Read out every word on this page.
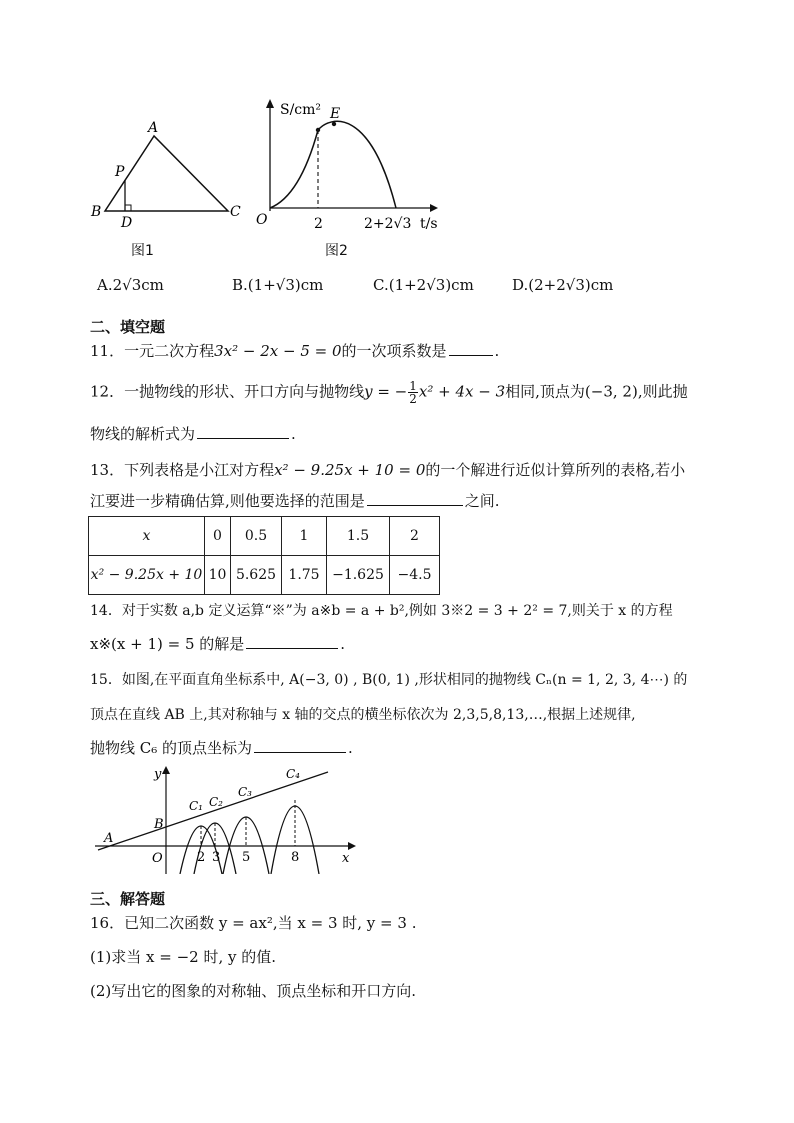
A
P
B
D
C
图1
S/cm² E
O	2	2+2√3 t/s
图2
A.2√3cm	B.(1+√3)cm	C.(1+2√3)cm	D.(2+2√3)cm
二、填空题
11．一元二次方程3x² − 2x − 5 = 0的一次项系数是	.
12．一抛物线的形状、开口方向与抛物线y = − $\frac{1}{2} x^2 + 4x - 3$相同,顶点为(−3, 2),则此抛
物线的解析式为	.
13．下列表格是小江对方程x² − 9.25x + 10 = 0的一个解进行近似计算所列的表格,若小
江要进一步精确估算,则他要选择的范围是	之间.
x	0	0.5	1	1.5	2
x² − 9.25x + 10	10	5.625	1.75	−1.625	−4.5
14．对于实数 a,b 定义运算“※”为 a※b = a + b²,例如 3※2 = 3 + 2² = 7,则关于 x 的方程
x※(x + 1) = 5 的解是	.
15．如图,在平面直角坐标系中, A(−3, 0) , B(0, 1) ,形状相同的抛物线 Cₙ(n = 1, 2, 3, 4⋯) 的
顶点在直线 AB 上,其对称轴与 x 轴的交点的横坐标依次为 2,3,5,8,13,…,根据上述规律,
抛物线 C₆ 的顶点坐标为	.
y
x
A
B
O
C₁ C₂
C₃
C₄
2 3 5	8
三、解答题
16．已知二次函数 y = ax²,当 x = 3 时, y = 3 .
(1)求当 x = −2 时, y 的值.
(2)写出它的图象的对称轴、顶点坐标和开口方向.
